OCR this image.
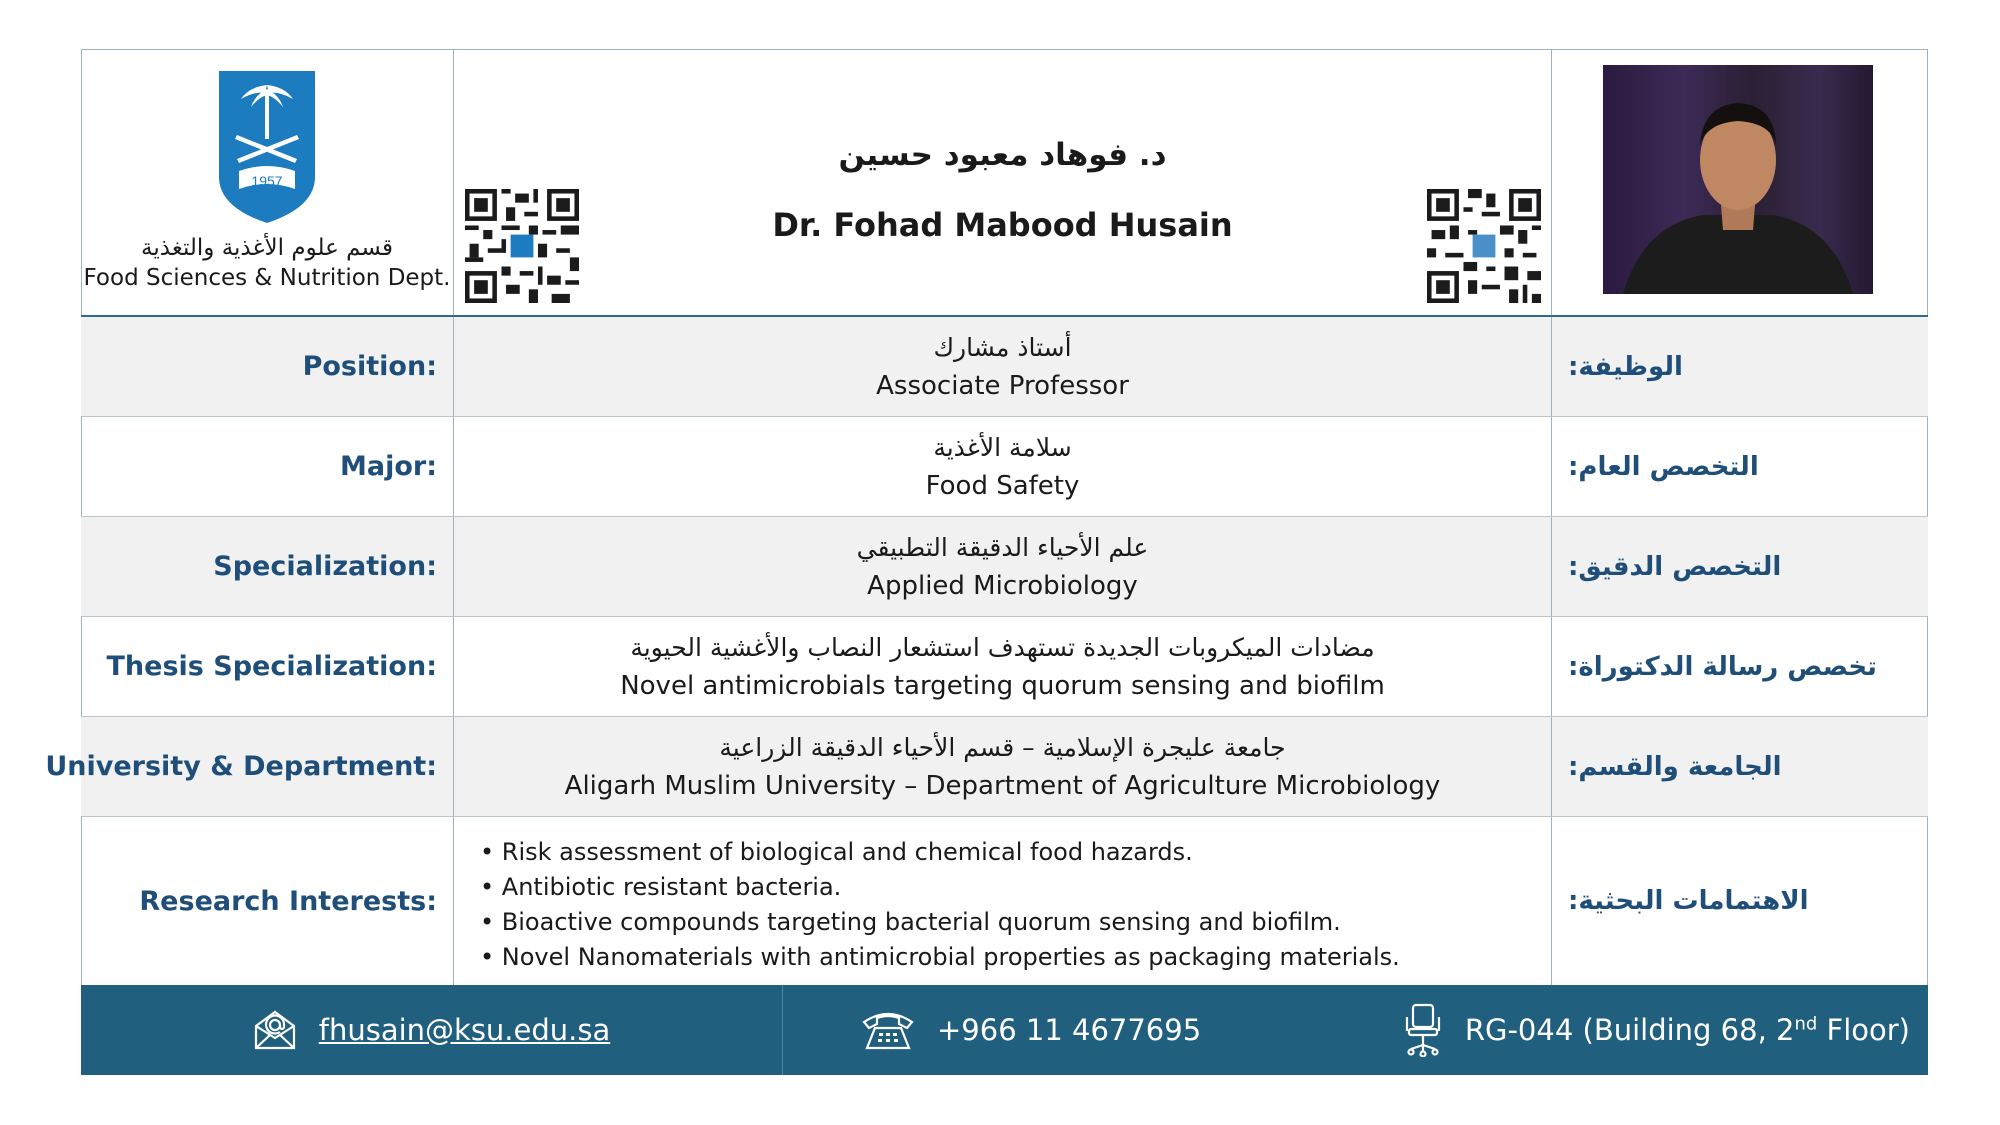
1957
قسم علوم الأغذية والتغذية
Food Sciences & Nutrition Dept.
د. فوهاد معبود حسين
Dr. Fohad Mabood Husain
Position:
أستاذ مشارك
Associate Professor
الوظيفة:
Major:
سلامة الأغذية
Food Safety
التخصص العام:
Specialization:
علم الأحياء الدقيقة التطبيقي
Applied Microbiology
التخصص الدقيق:
Thesis Specialization:
مضادات الميكروبات الجديدة تستهدف استشعار النصاب والأغشية الحيوية
Novel antimicrobials targeting quorum sensing and biofilm
تخصص رسالة الدكتوراة:
University & Department:
جامعة عليجرة الإسلامية – قسم الأحياء الدقيقة الزراعية
Aligarh Muslim University – Department of Agriculture Microbiology
الجامعة والقسم:
Research Interests:
• Risk assessment of biological and chemical food hazards.
• Antibiotic resistant bacteria.
• Bioactive compounds targeting bacterial quorum sensing and biofilm.
• Novel Nanomaterials with antimicrobial properties as packaging materials.
الاهتمامات البحثية:
fhusain@ksu.edu.sa	+966 11 4677695	RG-044 (Building 68, 2nd Floor)
